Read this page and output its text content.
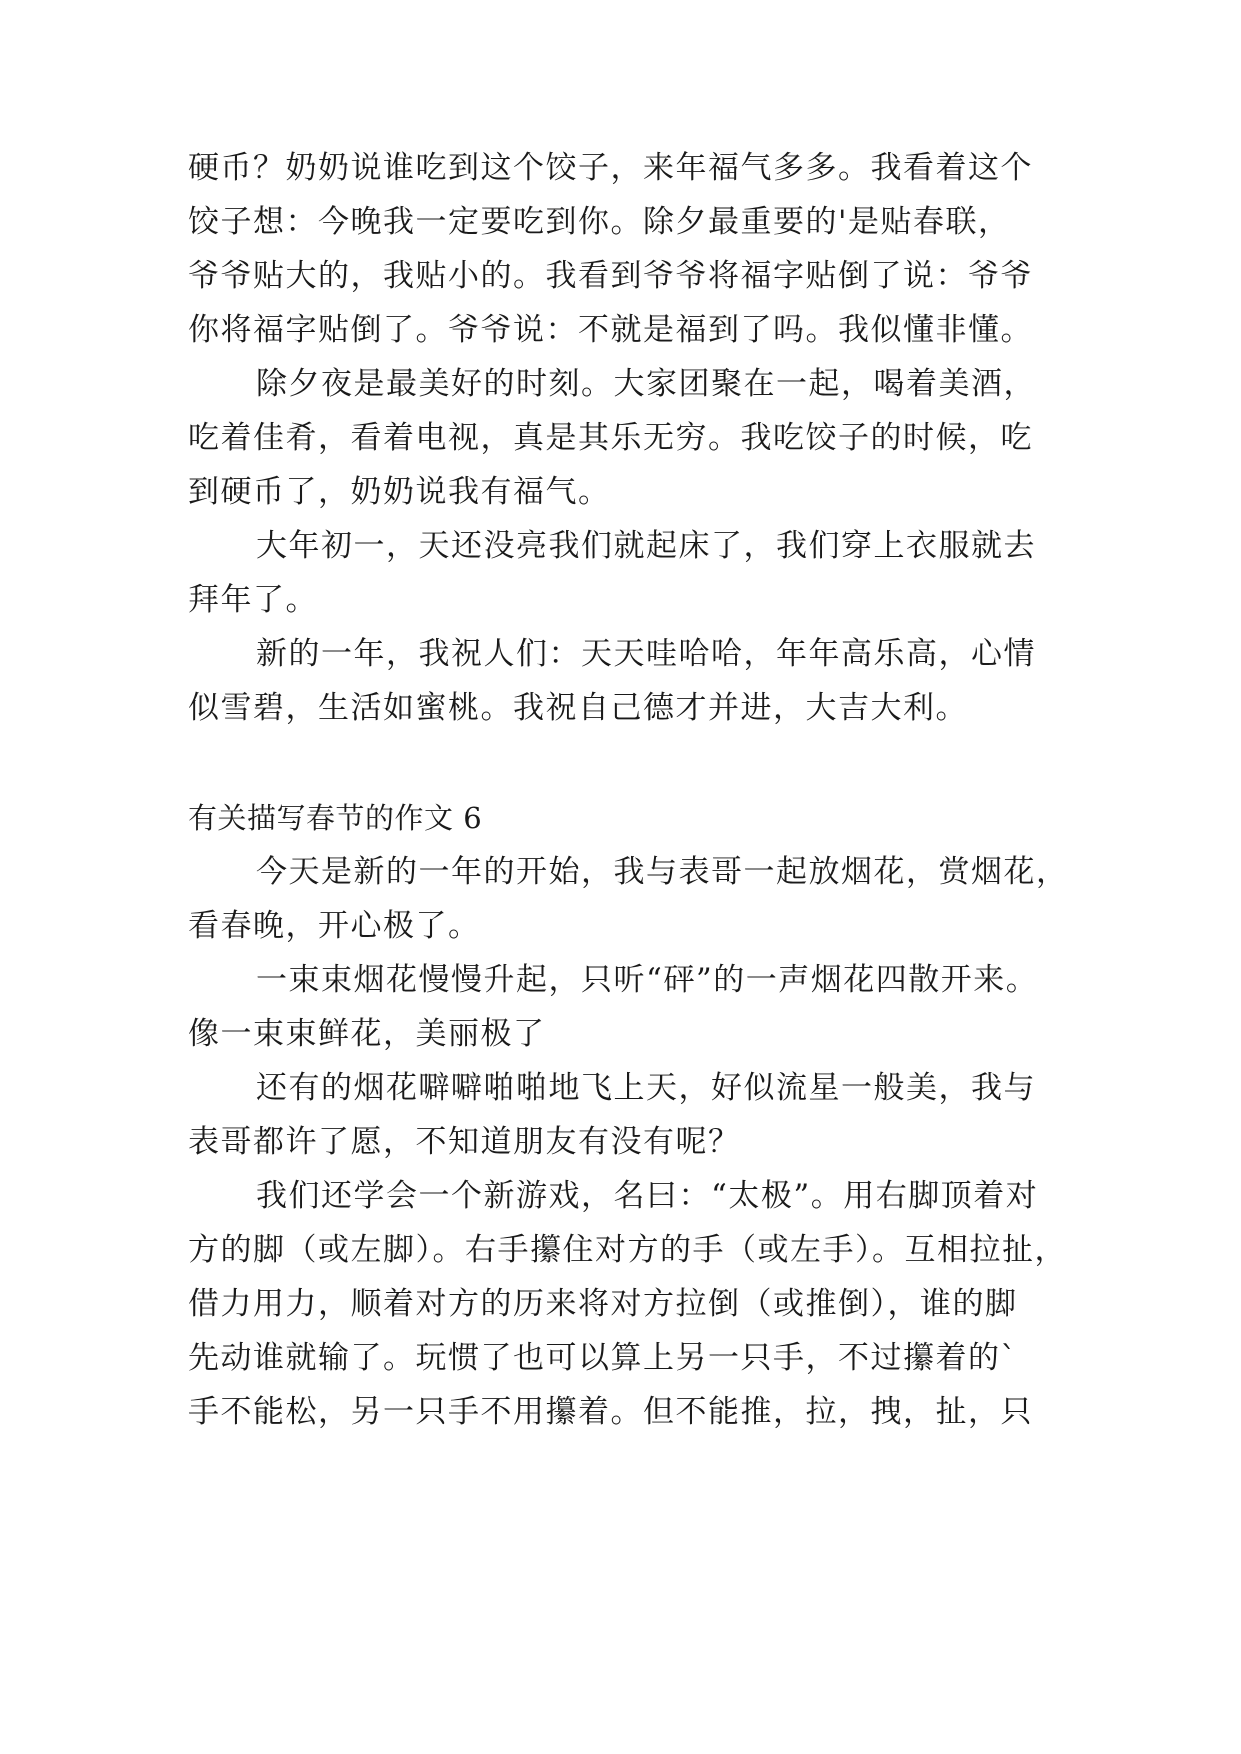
硬币？奶奶说谁吃到这个饺子，来年福气多多。我看着这个
饺子想：今晚我一定要吃到你。除夕最重要的'是贴春联，
爷爷贴大的，我贴小的。我看到爷爷将福字贴倒了说：爷爷
你将福字贴倒了。爷爷说：不就是福到了吗。我似懂非懂。
除夕夜是最美好的时刻。大家团聚在一起，喝着美酒，
吃着佳肴，看着电视，真是其乐无穷。我吃饺子的时候，吃
到硬币了，奶奶说我有福气。
大年初一，天还没亮我们就起床了，我们穿上衣服就去
拜年了。
新的一年，我祝人们：天天哇哈哈，年年高乐高，心情
似雪碧，生活如蜜桃。我祝自己德才并进，大吉大利。
有关描写春节的作文 6
今天是新的一年的开始，我与表哥一起放烟花，赏烟花，
看春晚，开心极了。
一束束烟花慢慢升起，只听“砰”的一声烟花四散开来。
像一束束鲜花，美丽极了
还有的烟花噼噼啪啪地飞上天，好似流星一般美，我与
表哥都许了愿，不知道朋友有没有呢？
我们还学会一个新游戏，名曰：“太极”。用右脚顶着对
方的脚（或左脚）。右手攥住对方的手（或左手）。互相拉扯，
借力用力，顺着对方的历来将对方拉倒（或推倒），谁的脚
先动谁就输了。玩惯了也可以算上另一只手，不过攥着的`
手不能松，另一只手不用攥着。但不能推，拉，拽，扯，只
